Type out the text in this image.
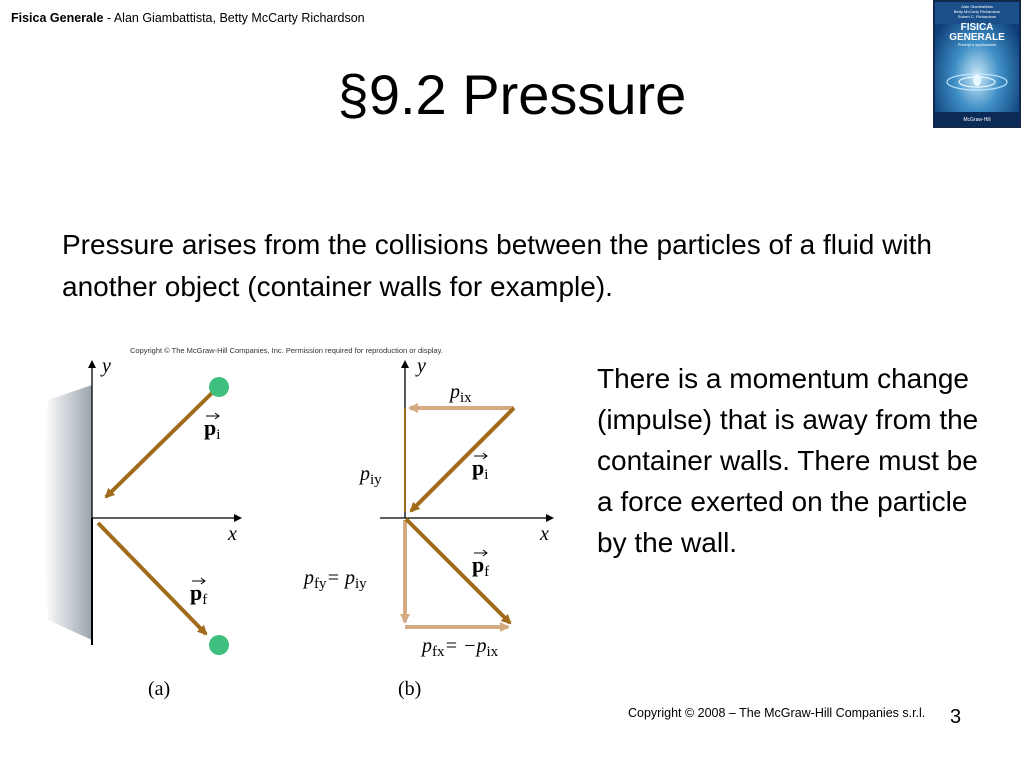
Fisica Generale - Alan Giambattista, Betty McCarty Richardson
Alan Giambattista
Betty McCarty Richardson
Robert C. Richardson
FISICA
GENERALE
Principi e applicazioni
McGraw-Hill
§9.2 Pressure
Pressure arises from the collisions between the particles of a fluid with another object (container walls for example).
Copyright © The McGraw-Hill Companies, Inc. Permission required for reproduction or display.
y
x
pi
pf
(a)
y
x
$p_{ix}$
$p_{iy}$	pi
pf
$p_{fy}= p_{iy}$
$p_{fx}= -p_{ix}$
(b)
There is a momentum change (impulse) that is away from the container walls. There must be a force exerted on the particle by the wall.
Copyright © 2008 – The McGraw-Hill Companies s.r.l. 3
